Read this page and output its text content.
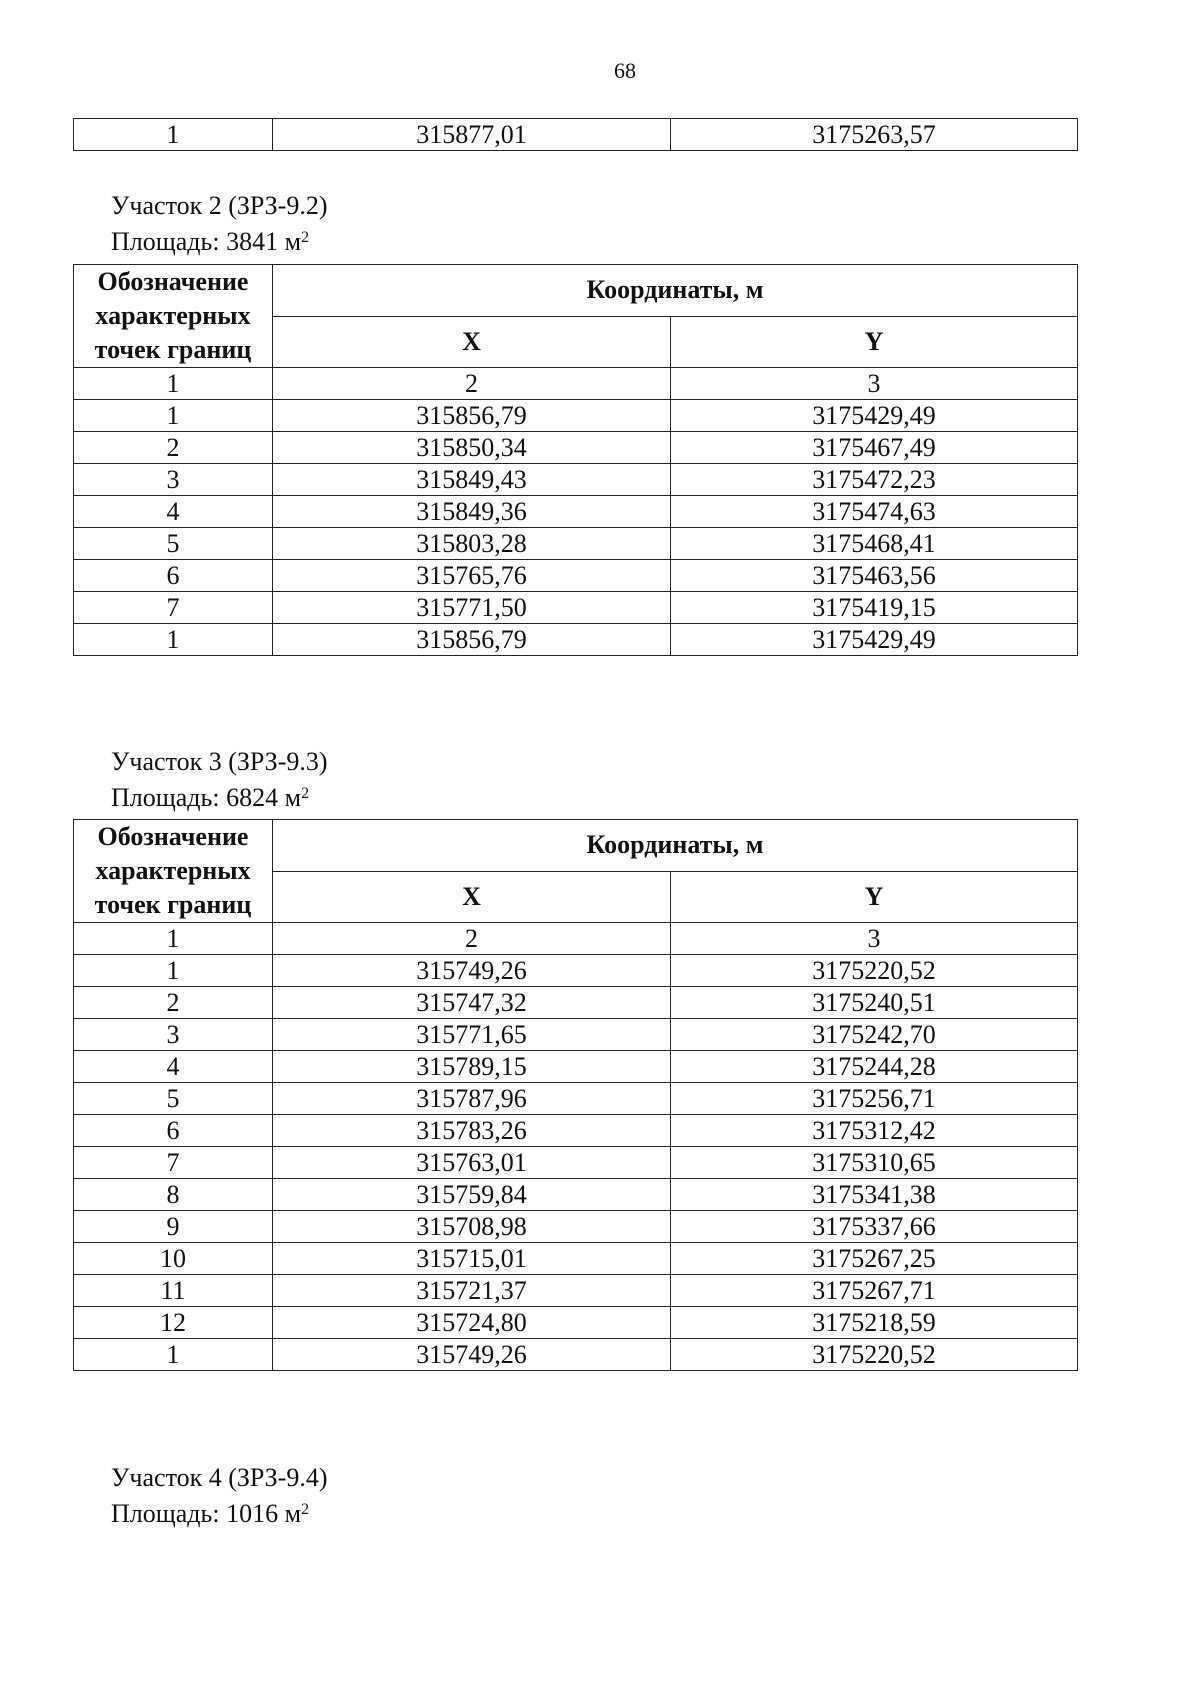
68
1	315877,01	3175263,57
Участок 2 (ЗРЗ-9.2)
Площадь: 3841 $м^2$
Обозначение характерных точек границ	Координаты, м	
	X	Y
1	2	3
1	315856,79	3175429,49
2	315850,34	3175467,49
3	315849,43	3175472,23
4	315849,36	3175474,63
5	315803,28	3175468,41
6	315765,76	3175463,56
7	315771,50	3175419,15
1	315856,79	3175429,49
Участок 3 (ЗРЗ-9.3)
Площадь: 6824 $м^2$
Обозначение характерных точек границ	Координаты, м	
	X	Y
1	2	3
1	315749,26	3175220,52
2	315747,32	3175240,51
3	315771,65	3175242,70
4	315789,15	3175244,28
5	315787,96	3175256,71
6	315783,26	3175312,42
7	315763,01	3175310,65
8	315759,84	3175341,38
9	315708,98	3175337,66
10	315715,01	3175267,25
11	315721,37	3175267,71
12	315724,80	3175218,59
1	315749,26	3175220,52
Участок 4 (ЗРЗ-9.4)
Площадь: 1016 $м^2$
